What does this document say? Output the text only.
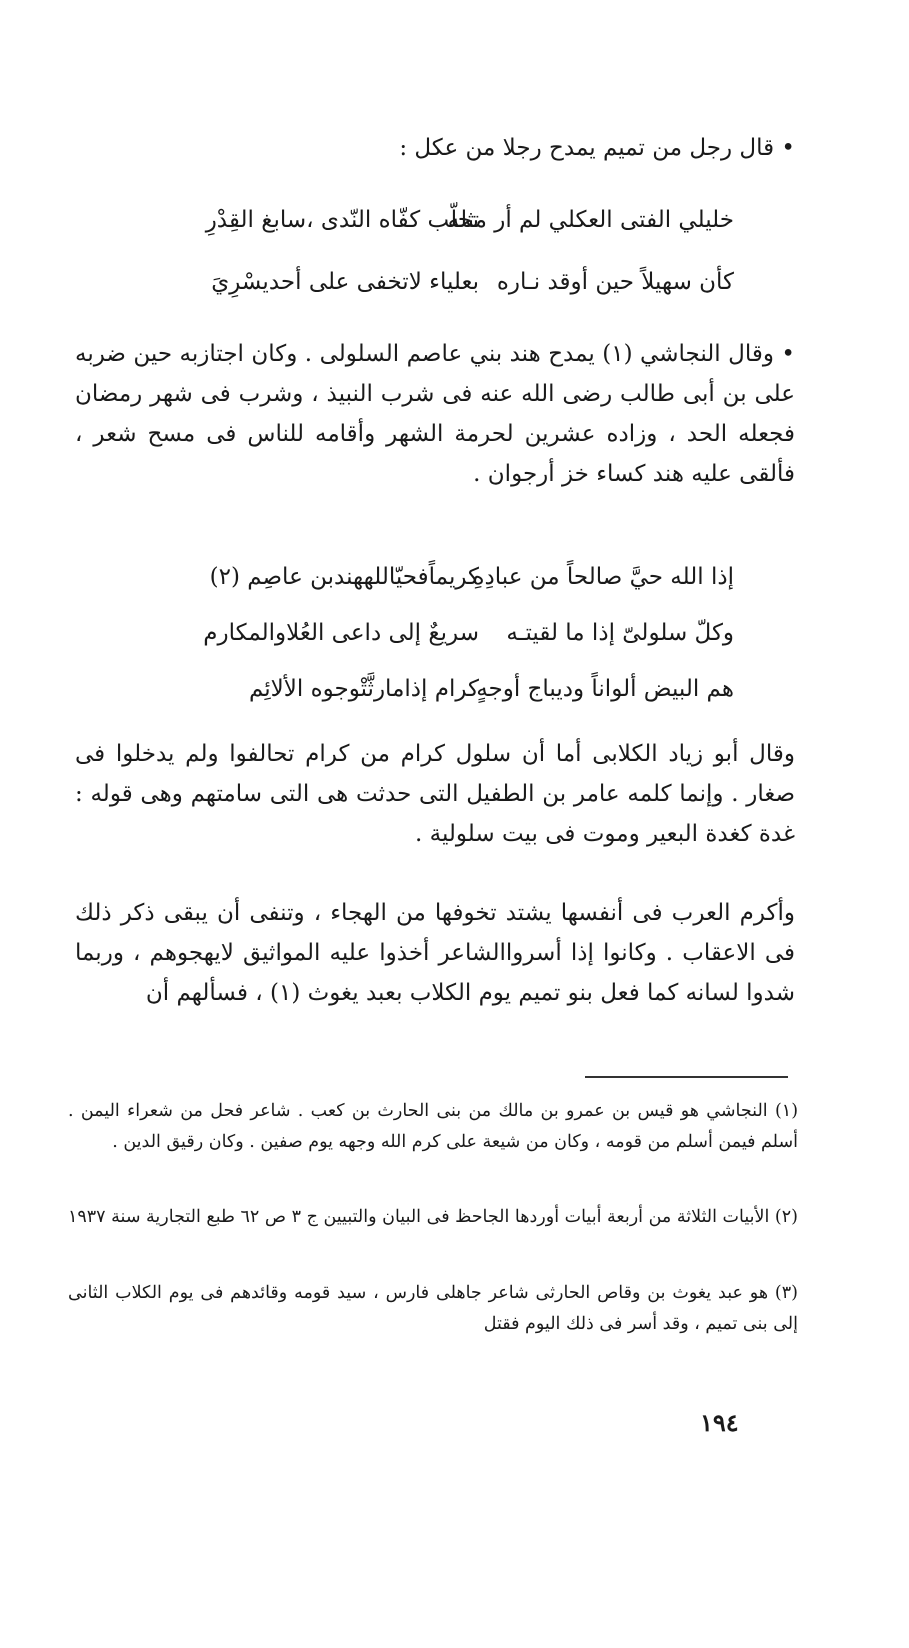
• قال رجل من تميم يمدح رجلا من عكل :

خليلي الفتى العكلي لم أر مثله
تحلّب كفّاه النّدى ،سابغ القِدْرِ
كأن سهيلاً حين أوقد نـاره
بعلياء لاتخفى على أحديسْرِيَ

• وقال النجاشي (١) يمدح هند بني عاصم السلولى . وكان اجتازبه حين ضربه على بن أبى طالب رضى الله عنه فى شرب النبيذ ، وشرب فى شهر رمضان فجعله الحد ، وزاده عشرين لحرمة الشهر وأقامه للناس فى مسح شعر ، فألقى عليه هند كساء خز أرجوان .

إذا الله حيَّ صالحاً من عبادِهِ
كريماًفحيّاللههندبن عاصِم (٢)
وكلّ سلولىّ إذا ما لقيتـه
سريعٌ إلى داعى العُلاوالمكارم
هم البيض ألواناً وديباج أوجهٍ
كرام إذامارثَّتْوجوه الألائِم

وقال أبو زياد الكلابى أما أن سلول كرام من كرام تحالفوا ولم يدخلوا فى صغار . وإنما كلمه عامر بن الطفيل التى حدثت هى التى سامتهم وهى قوله : غدة كغدة البعير وموت فى بيت سلولية .

وأكرم العرب فى أنفسها يشتد تخوفها من الهجاء ، وتنفى أن يبقى ذكر ذلك فى الاعقاب . وكانوا إذا أسرواالشاعر أخذوا عليه المواثيق لايهجوهم ، وربما شدوا لسانه كما فعل بنو تميم يوم الكلاب بعبد يغوث (١) ، فسألهم أن

(١) النجاشي هو قيس بن عمرو بن مالك من بنى الحارث بن كعب . شاعر فحل من شعراء اليمن . أسلم فيمن أسلم من قومه ، وكان من شيعة على كرم الله وجهه يوم صفين . وكان رقيق الدين .

(٢) الأبيات الثلاثة من أربعة أبيات أوردها الجاحظ فى البيان والتبيين ج ٣ ص ٦٢ طبع التجارية سنة ١٩٣٧

(٣) هو عبد يغوث بن وقاص الحارثى شاعر جاهلى فارس ، سيد قومه وقائدهم فى يوم الكلاب الثانى إلى بنى تميم ، وقد أسر فى ذلك اليوم فقتل

١٩٤
